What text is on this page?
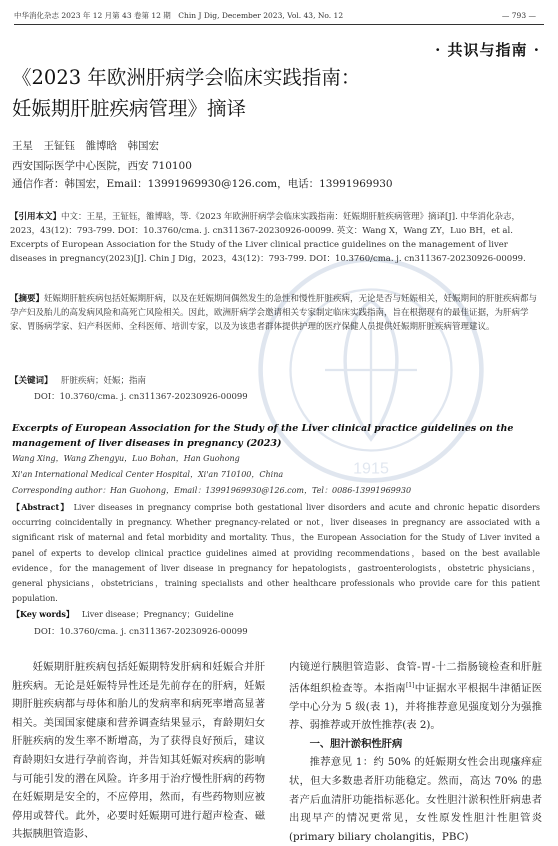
1915
中华消化杂志 2023 年 12 月第 43 卷第 12 期  Chin J Dig, December 2023, Vol. 43, No. 12	— 793 —
· 共识与指南 ·
《2023 年欧洲肝病学会临床实践指南：
妊娠期肝脏疾病管理》摘译
王星　王钲钰　雒博晗　韩国宏
西安国际医学中心医院，西安 710100
通信作者：韩国宏，Email：13991969930@126.com，电话：13991969930
【引用本文】中文：王星，王钲钰，雒博晗，等.《2023 年欧洲肝病学会临床实践指南：妊娠期肝脏疾病管理》摘译[J]. 中华消化杂志，2023，43(12)：793-799. DOI：10.3760/cma. j. cn311367-20230926-00099. 英文：Wang X，Wang ZY，Luo BH，et al. Excerpts of European Association for the Study of the Liver clinical practice guidelines on the management of liver diseases in pregnancy(2023)[J]. Chin J Dig，2023，43(12)：793-799. DOI：10.3760/cma. j. cn311367-20230926-00099.
【摘要】妊娠期肝脏疾病包括妊娠期肝病，以及在妊娠期间偶然发生的急性和慢性肝脏疾病，无论是否与妊娠相关，妊娠期间的肝脏疾病都与孕产妇及胎儿的高发病风险和高死亡风险相关。因此，欧洲肝病学会邀请相关专家制定临床实践指南，旨在根据现有的最佳证据，为肝病学家、胃肠病学家、妇产科医师、全科医师、培训专家，以及为该患者群体提供护理的医疗保健人员提供妊娠期肝脏疾病管理建议。
【关键词】  肝脏疾病；妊娠；指南
DOI：10.3760/cma. j. cn311367-20230926-00099
Excerpts of European Association for the Study of the Liver clinical practice guidelines on the management of liver diseases in pregnancy (2023)
Wang Xing，Wang Zhengyu，Luo Bohan，Han Guohong
Xi'an International Medical Center Hospital，Xi'an 710100，China
Corresponding author：Han Guohong，Email：13991969930@126.com，Tel：0086-13991969930
【Abstract】  Liver diseases in pregnancy comprise both gestational liver disorders and acute and chronic hepatic disorders occurring coincidentally in pregnancy. Whether pregnancy-related or not，liver diseases in pregnancy are associated with a significant risk of maternal and fetal morbidity and mortality. Thus，the European Association for the Study of Liver invited a panel of experts to develop clinical practice guidelines aimed at providing recommendations，based on the best available evidence，for the management of liver disease in pregnancy for hepatologists，gastroenterologists，obstetric physicians，general physicians，obstetricians，training specialists and other healthcare professionals who provide care for this patient population.
【Key words】  Liver disease；Pregnancy；Guideline
DOI：10.3760/cma. j. cn311367-20230926-00099

妊娠期肝脏疾病包括妊娠期特发肝病和妊娠合并肝脏疾病。无论是妊娠特异性还是先前存在的肝病，妊娠期肝脏疾病都与母体和胎儿的发病率和病死率增高显著相关。美国国家健康和营养调查结果显示，育龄期妇女肝脏疾病的发生率不断增高，为了获得良好预后，建议育龄期妇女进行孕前咨询，并告知其妊娠对疾病的影响与可能引发的潜在风险。许多用于治疗慢性肝病的药物在妊娠期是安全的，不应停用，然而，有些药物则应被停用或替代。此外，必要时妊娠期可进行超声检查、磁共振胰胆管造影、

内镜逆行胰胆管造影、食管-胃-十二指肠镜检查和肝脏活体组织检查等。本指南[1]中证据水平根据牛津循证医学中心分为 5 级(表 1)，并将推荐意见强度划分为强推荐、弱推荐或开放性推荐(表 2)。

一、胆汁淤积性肝病

推荐意见 1：约 50% 的妊娠期女性会出现瘙痒症状，但大多数患者肝功能稳定。然而，高达 70% 的患者产后血清肝功能指标恶化。女性胆汁淤积性肝病患者出现早产的情况更常见，女性原发性胆汁性胆管炎(primary biliary cholangitis，PBC)
